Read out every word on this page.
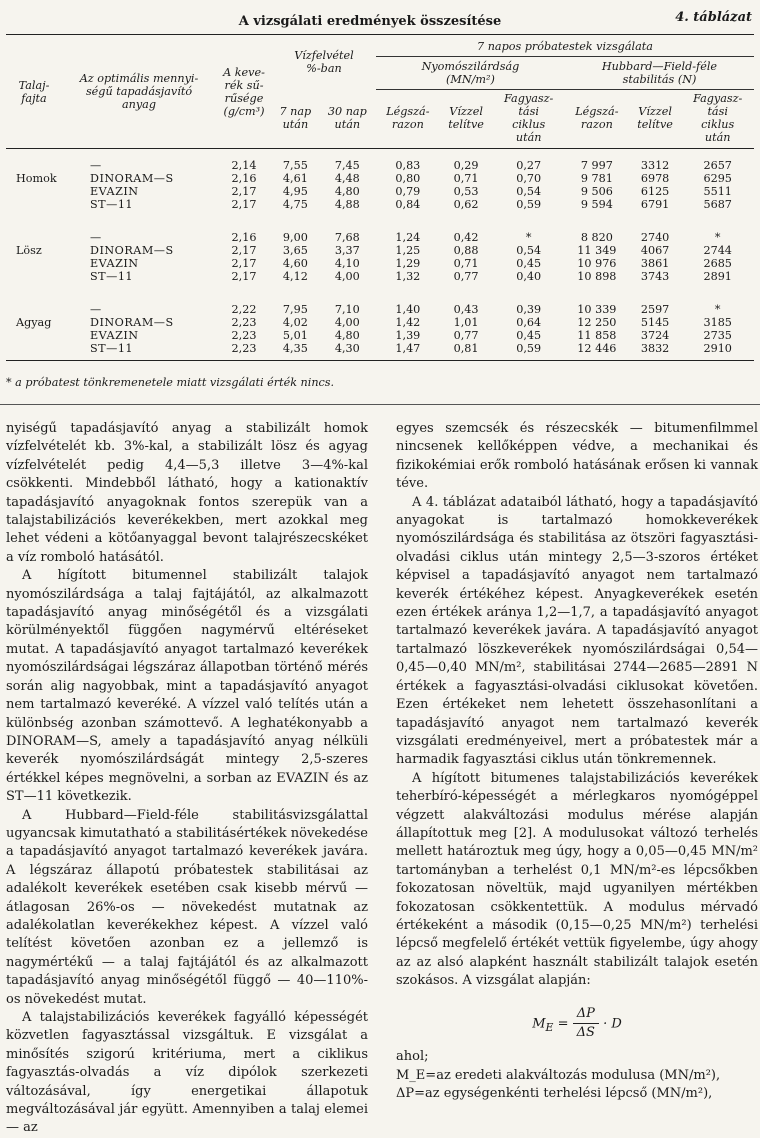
A vizsgálati eredmények összesítése	4. táblázat
Talaj-
fajta	Az optimális mennyi-
ségű tapadásjavító
anyag	A keve-
rék sű-
rűsége
(g/cm³)	Vízfelvétel
%-ban		7 napos próbatestek vizsgálata					
					Nyomószilárdság
(MN/m²)			Hubbard—Field-féle
stabilitás (N)		
			7 nap
után	30 nap
után	Légszá-
razon	Vízzel
telítve	Fagyasz-
tási
ciklus
után	Légszá-
razon	Vízzel
telítve	Fagyasz-
tási
ciklus
után

	—	2,14	7,55	7,45	0,83	0,29	0,27	7 997	3312	2657
Homok	DINORAM—S	2,16	4,61	4,48	0,80	0,71	0,70	9 781	6978	6295
	EVAZIN	2,17	4,95	4,80	0,79	0,53	0,54	9 506	6125	5511
	ST—11	2,17	4,75	4,88	0,84	0,62	0,59	9 594	6791	5687

	—	2,16	9,00	7,68	1,24	0,42	*	8 820	2740	*
Lösz	DINORAM—S	2,17	3,65	3,37	1,25	0,88	0,54	11 349	4067	2744
	EVAZIN	2,17	4,60	4,10	1,29	0,71	0,45	10 976	3861	2685
	ST—11	2,17	4,12	4,00	1,32	0,77	0,40	10 898	3743	2891

	—	2,22	7,95	7,10	1,40	0,43	0,39	10 339	2597	*
Agyag	DINORAM—S	2,23	4,02	4,00	1,42	1,01	0,64	12 250	5145	3185
	EVAZIN	2,23	5,01	4,80	1,39	0,77	0,45	11 858	3724	2735
	ST—11	2,23	4,35	4,30	1,47	0,81	0,59	12 446	3832	2910
* a próbatest tönkremenetele miatt vizsgálati érték nincs.

nyiségű tapadásjavító anyag a stabilizált homok vízfelvételét kb. 3%-kal, a stabilizált lösz és agyag vízfelvételét pedig 4,4—5,3 illetve 3—4%-kal csökkenti. Mindebből látható, hogy a kationaktív tapadásjavító anyagoknak fontos szerepük van a talajstabilizációs keverékekben, mert azokkal meg lehet védeni a kötőanyaggal bevont talajrészecskéket a víz romboló hatásától.

A hígított bitumennel stabilizált talajok nyomószilárdsága a talaj fajtájától, az alkalmazott tapadásjavító anyag minőségétől és a vizsgálati körülményektől függően nagymérvű eltéréseket mutat. A tapadásjavító anyagot tartalmazó keverékek nyomószilárdságai légszáraz állapotban történő mérés során alig nagyobbak, mint a tapadásjavító anyagot nem tartalmazó keveréké. A vízzel való telítés után a különbség azonban számottevő. A leghatékonyabb a DINORAM—S, amely a tapadásjavító anyag nélküli keverék nyomószilárdságát mintegy 2,5-szeres értékkel képes megnövelni, a sorban az EVAZIN és az ST—11 következik.

A Hubbard—Field-féle stabilitásvizsgálattal ugyancsak kimutatható a stabilitásértékek növekedése a tapadásjavító anyagot tartalmazó keverékek javára. A légszáraz állapotú próbatestek stabilitásai az adalékolt keverékek esetében csak kisebb mérvű — átlagosan 26%-os — növekedést mutatnak az adalékolatlan keverékekhez képest. A vízzel való telítést követően azonban ez a jellemző is nagymértékű — a talaj fajtájától és az alkalmazott tapadásjavító anyag minőségétől függő — 40—110%-os növekedést mutat.

A talajstabilizációs keverékek fagyálló képességét közvetlen fagyasztással vizsgáltuk. E vizsgálat a minősítés szigorú kritériuma, mert a ciklikus fagyasztás-olvadás a víz dipólok szerkezeti változásával, így energetikai állapotuk megváltozásával jár együtt. Amennyiben a talaj elemei — az

egyes szemcsék és részecskék — bitumenfilmmel nincsenek kellőképpen védve, a mechanikai és fizikokémiai erők romboló hatásának erősen ki vannak téve.

A 4. táblázat adataiból látható, hogy a tapadásjavító anyagokat is tartalmazó homokkeverékek nyomószilárdsága és stabilitása az ötszöri fagyasztási-olvadási ciklus után mintegy 2,5—3-szoros értéket képvisel a tapadásjavító anyagot nem tartalmazó keverék értékéhez képest. Anyagkeverékek esetén ezen értékek aránya 1,2—1,7, a tapadásjavító anyagot tartalmazó keverékek javára. A tapadásjavító anyagot tartalmazó löszkeverékek nyomószilárdságai 0,54—0,45—0,40 MN/m², stabilitásai 2744—2685—2891 N értékek a fagyasztási-olvadási ciklusokat követően. Ezen értékeket nem lehetett összehasonlítani a tapadásjavító anyagot nem tartalmazó keverék vizsgálati eredményeivel, mert a próbatestek már a harmadik fagyasztási ciklus után tönkremennek.

A hígított bitumenes talajstabilizációs keverékek teherbíró-képességét a mérlegkaros nyomógéppel végzett alakváltozási modulus mérése alapján állapítottuk meg [2]. A modulusokat változó terhelés mellett határoztuk meg úgy, hogy a 0,05—0,45 MN/m² tartományban a terhelést 0,1 MN/m²-es lépcsőkben fokozatosan növeltük, majd ugyanilyen mértékben fokozatosan csökkentettük. A modulus mérvadó értékeként a második (0,15—0,25 MN/m²) terhelési lépcső megfelelő értékét vettük figyelembe, úgy ahogy az az alsó alapként használt stabilizált talajok esetén szokásos. A vizsgálat alapján:

$M_E = \frac{\Delta P}{\Delta S} \cdot D$

ahol;

M_E=az eredeti alakváltozás modulusa (MN/m²),

ΔP=az egységenkénti terhelési lépcső (MN/m²),
